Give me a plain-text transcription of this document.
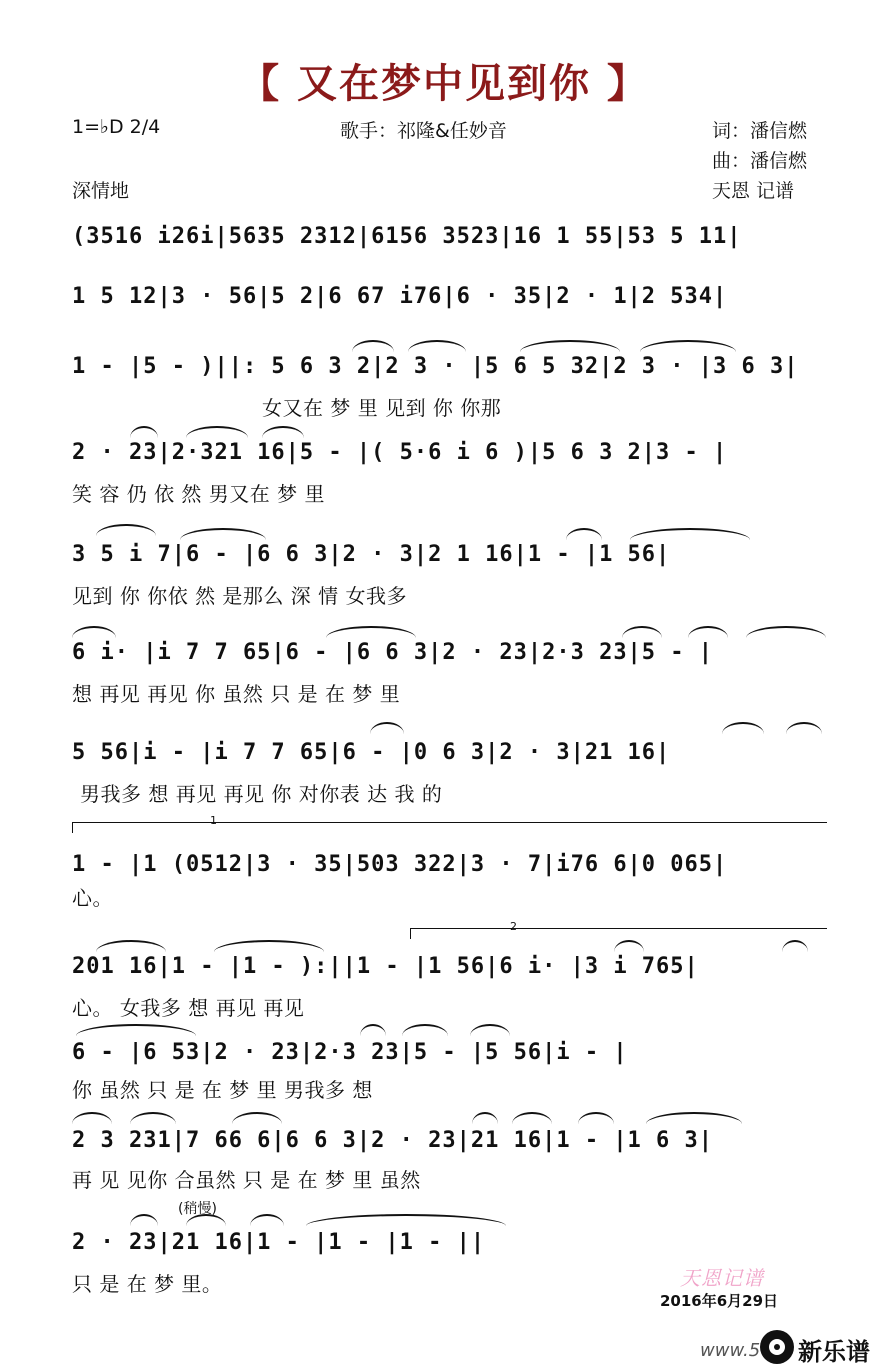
【 又在梦中见到你 】
1=♭D 2/4	歌手：祁隆&任妙音	词：潘信燃
曲：潘信燃
深情地	天恩 记谱
(3516 i26i|5635 2312|6156 3523|16 1 55|53 5 11|
1 5 12|3 · 56|5 2|6 67 i76|6 · 35|2 · 1|2 534|
1 - |5 - )||: 5 6 3 2|2 3 · |5 6 5 32|2 3 · |3 6 3|
女又在 梦 里 见到 你 你那
2 · 23|2·321 16|5 - |( 5·6 i 6 )|5 6 3 2|3 - |
笑 容 仍 依 然 男又在 梦 里
3 5 i 7|6 - |6 6 3|2 · 3|2 1 16|1 - |1 56|
见到 你 你依 然 是那么 深 情 女我多
6 i· |i 7 7 65|6 - |6 6 3|2 · 23|2·3 23|5 - |
想 再见 再见 你 虽然 只 是 在 梦 里
5 56|i - |i 7 7 65|6 - |0 6 3|2 · 3|21 16|
男我多 想 再见 再见 你 对你表 达 我 的
1
1 - |1 (0512|3 · 35|503 322|3 · 7|i76 6|0 065|
心。
2
201 16|1 - |1 - ):||1 - |1 56|6 i· |3 i 765|
心。 女我多 想 再见 再见
6 - |6 53|2 · 23|2·3 23|5 - |5 56|i - |
你 虽然 只 是 在 梦 里 男我多 想
2 3 231|7 66 6|6 6 3|2 · 23|21 16|1 - |1 6 3|
再 见 见你 合虽然 只 是 在 梦 里 虽然
(稍慢)
2 · 23|21 16|1 - |1 - |1 - ||
只 是 在 梦 里。	天恩记谱
2016年6月29日
www.5 新乐谱
